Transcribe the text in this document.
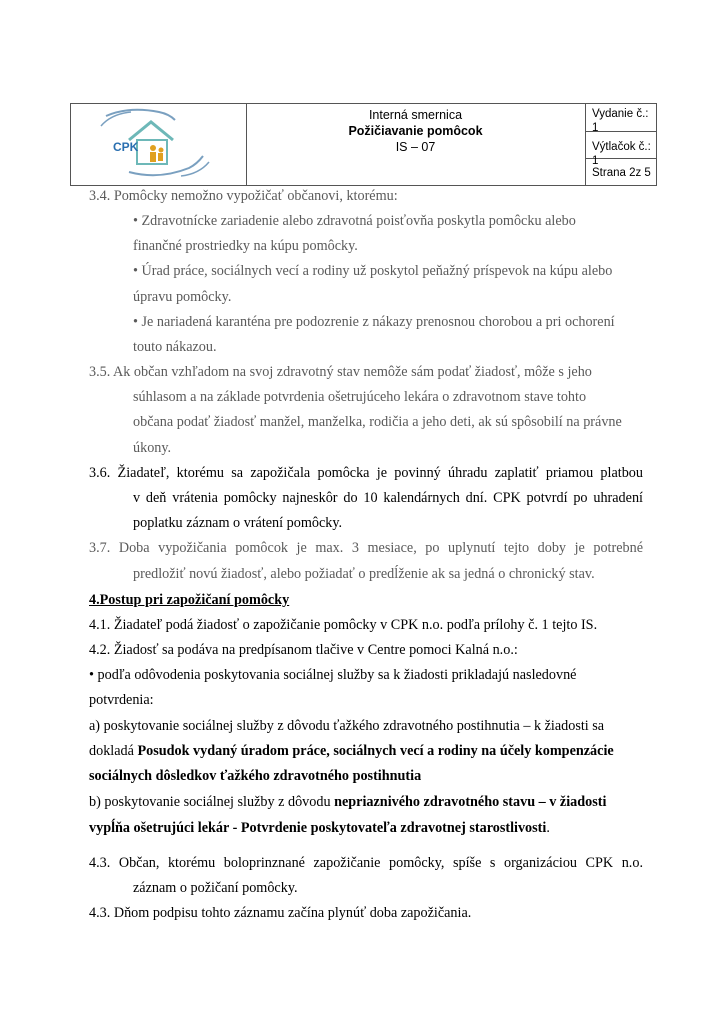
CPK
Interná smernica
Požičiavanie pomôcok
IS – 07
Vydanie č.: 1
Výtlačok č.: 1
Strana 2z 5
3.4. Pomôcky nemožno vypožičať občanovi, ktorému:
• Zdravotnícke zariadenie alebo zdravotná poisťovňa poskytla pomôcku alebo
finančné prostriedky na kúpu pomôcky.
• Úrad práce, sociálnych vecí a rodiny už poskytol peňažný príspevok na kúpu alebo
úpravu pomôcky.
• Je nariadená karanténa pre podozrenie z nákazy prenosnou chorobou a pri ochorení
touto nákazou.
3.5. Ak občan vzhľadom na svoj zdravotný stav nemôže sám podať žiadosť, môže s jeho
súhlasom a na základe potvrdenia ošetrujúceho lekára o zdravotnom stave tohto
občana podať žiadosť manžel, manželka, rodičia a jeho deti, ak sú spôsobilí na právne
úkony.
3.6. Žiadateľ, ktorému sa zapožičala pomôcka je povinný úhradu zaplatiť priamou platbou
v deň vrátenia pomôcky najneskôr do 10 kalendárnych dní. CPK potvrdí po uhradení
poplatku záznam o vrátení pomôcky.
3.7. Doba vypožičania pomôcok je max. 3 mesiace, po uplynutí tejto doby je potrebné
predložiť novú žiadosť, alebo požiadať o predĺženie ak sa jedná o chronický stav.
4.Postup pri zapožičaní pomôcky
4.1. Žiadateľ podá žiadosť o zapožičanie pomôcky v CPK n.o. podľa prílohy č. 1 tejto IS.
4.2. Žiadosť sa podáva na predpísanom tlačive v Centre pomoci Kalná n.o.:
• podľa odôvodenia poskytovania sociálnej služby sa k žiadosti prikladajú nasledovné
potvrdenia:
a) poskytovanie sociálnej služby z dôvodu ťažkého zdravotného postihnutia – k žiadosti sa
dokladá Posudok vydaný úradom práce, sociálnych vecí a rodiny na účely kompenzácie
sociálnych dôsledkov ťažkého zdravotného postihnutia
b) poskytovanie sociálnej služby z dôvodu nepriaznivého zdravotného stavu – v žiadosti
vypĺňa ošetrujúci lekár - Potvrdenie poskytovateľa zdravotnej starostlivosti.
4.3. Občan, ktorému boloprinznané zapožičanie pomôcky, spíše s organizáciou CPK n.o.
záznam o požičaní pomôcky.
4.3. Dňom podpisu tohto záznamu začína plynúť doba zapožičania.
